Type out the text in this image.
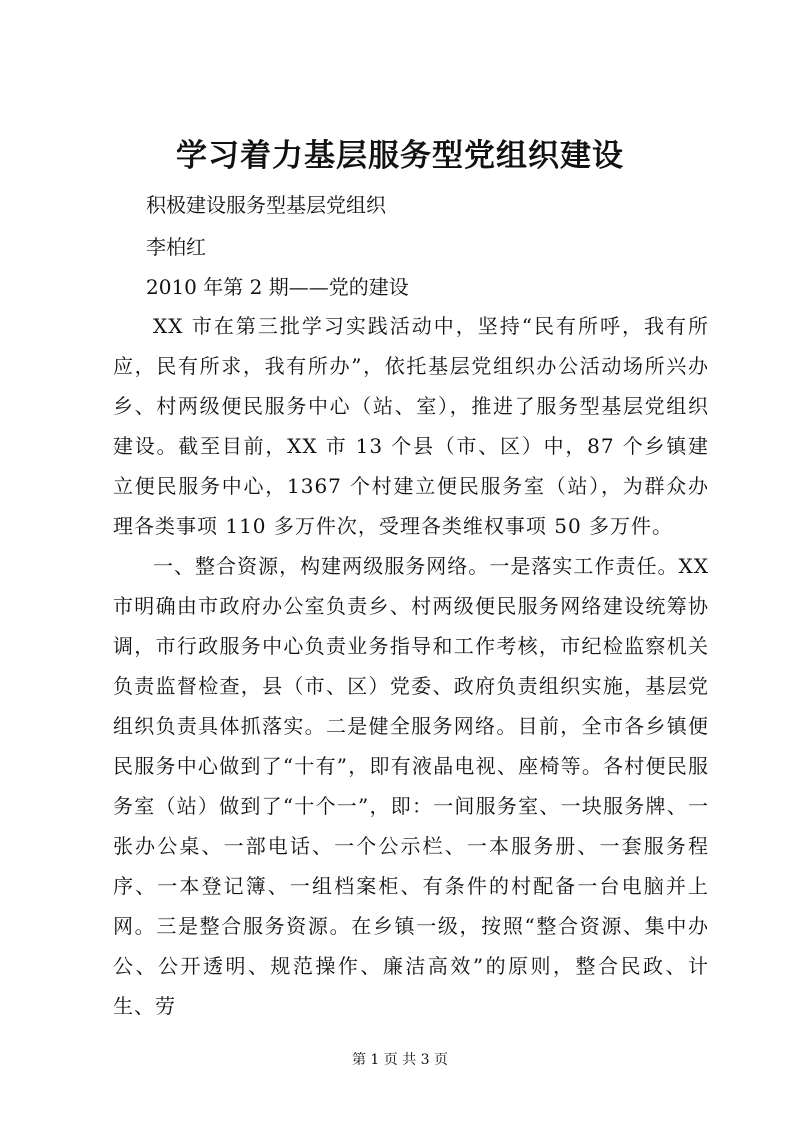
学习着力基层服务型党组织建设
积极建设服务型基层党组织
李柏红
2010 年第 2 期——党的建设

XX 市在第三批学习实践活动中，坚持“民有所呼，我有所应，民有所求，我有所办”，依托基层党组织办公活动场所兴办乡、村两级便民服务中心（站、室），推进了服务型基层党组织建设。截至目前，XX 市 13 个县（市、区）中，87 个乡镇建立便民服务中心，1367 个村建立便民服务室（站），为群众办理各类事项 110 多万件次，受理各类维权事项 50 多万件。

一、整合资源，构建两级服务网络。一是落实工作责任。XX 市明确由市政府办公室负责乡、村两级便民服务网络建设统筹协调，市行政服务中心负责业务指导和工作考核，市纪检监察机关负责监督检查，县（市、区）党委、政府负责组织实施，基层党组织负责具体抓落实。二是健全服务网络。目前，全市各乡镇便民服务中心做到了“十有”，即有液晶电视、座椅等。各村便民服务室（站）做到了“十个一”，即：一间服务室、一块服务牌、一张办公桌、一部电话、一个公示栏、一本服务册、一套服务程序、一本登记簿、一组档案柜、有条件的村配备一台电脑并上网。三是整合服务资源。在乡镇一级，按照“整合资源、集中办公、公开透明、规范操作、廉洁高效”的原则，整合民政、计生、劳

第 1 页 共 3 页
